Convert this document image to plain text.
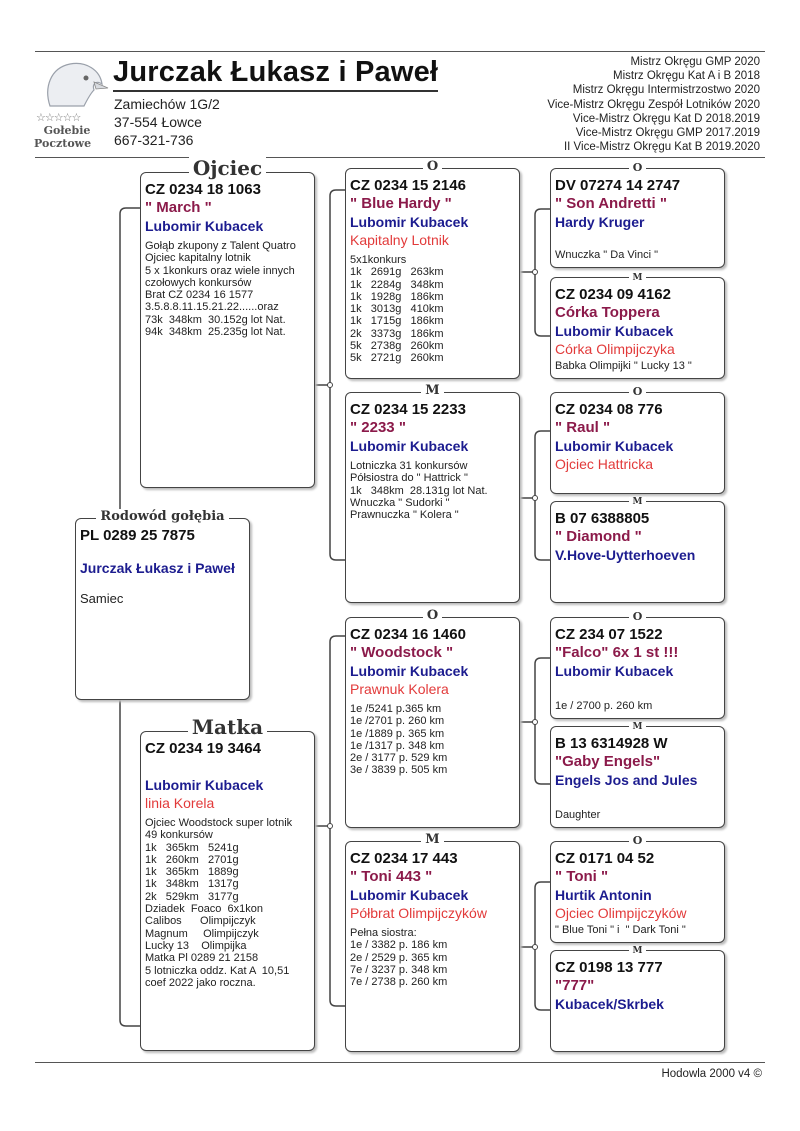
☆☆☆☆☆
Gołebie
Pocztowe
Jurczak Łukasz i Paweł
Zamiechów 1G/2
37-554 Łowce
667-321-736
Mistrz Okręgu GMP 2020
Mistrz Okręgu Kat A i B 2018
Mistrz Okręgu Intermistrzostwo 2020
Vice-Mistrz Okręgu Zespół Lotników 2020
Vice-Mistrz Okręgu Kat D 2018.2019
Vice-Mistrz Okręgu GMP 2017.2019
II Vice-Mistrz Okręgu Kat B 2019.2020
Rodowód gołębia
PL 0289 25 7875
Jurczak Łukasz i Paweł
Samiec
Ojciec
CZ 0234 18 1063
" March "
Lubomir Kubacek
Gołąb zkupony z Talent Quatro
Ojciec kapitalny lotnik
5 x 1konkurs oraz wiele innych
czołowych konkursów
Brat CZ 0234 16 1577
3.5.8.8.11.15.21.22......oraz
73k  348km  30.152g lot Nat.
94k  348km  25.235g lot Nat.
Matka
CZ 0234 19 3464
Lubomir Kubacek
linia Korela
Ojciec Woodstock super lotnik
49 konkursów
1k   365km   5241g
1k   260km   2701g
1k   365km   1889g
1k   348km   1317g
2k   529km   3177g
Dziadek  Foaco  6x1kon
Calibos      Olimpijczyk
Magnum     Olimpijczyk
Lucky 13    Olimpijka
Matka Pl 0289 21 2158
5 lotniczka oddz. Kat A  10,51
coef 2022 jako roczna.
O
CZ 0234 15 2146
" Blue Hardy "
Lubomir Kubacek
Kapitalny Lotnik
5x1konkurs
1k   2691g   263km
1k   2284g   348km
1k   1928g   186km
1k   3013g   410km
1k   1715g   186km
2k   3373g   186km
5k   2738g   260km
5k   2721g   260km
M
CZ 0234 15 2233
" 2233 "
Lubomir Kubacek
Lotniczka 31 konkursów
Półsiostra do " Hattrick "
1k   348km  28.131g lot Nat.
Wnuczka " Sudorki "
Prawnuczka " Kolera "
O
CZ 0234 16 1460
" Woodstock "
Lubomir Kubacek
Prawnuk Kolera
1e /5241 p.365 km
1e /2701 p. 260 km
1e /1889 p. 365 km
1e /1317 p. 348 km
2e / 3177 p. 529 km
3e / 3839 p. 505 km
M
CZ 0234 17 443
" Toni 443 "
Lubomir Kubacek
Półbrat Olimpijczyków
Pełna siostra:
1e / 3382 p. 186 km
2e / 2529 p. 365 km
7e / 3237 p. 348 km
7e / 2738 p. 260 km
O
DV 07274 14 2747
" Son Andretti "
Hardy Kruger
Wnuczka " Da Vinci "
M
CZ 0234 09 4162
Córka Toppera
Lubomir Kubacek
Córka Olimpijczyka
Babka Olimpijki " Lucky 13 "
O
CZ 0234 08 776
" Raul "
Lubomir Kubacek
Ojciec Hattricka
M
B 07 6388805
" Diamond "
V.Hove-Uytterhoeven
O
CZ 234 07 1522
"Falco" 6x 1 st !!!
Lubomir Kubacek
1e / 2700 p. 260 km
M
B 13 6314928 W
"Gaby Engels"
Engels Jos and Jules
Daughter
O
CZ 0171 04 52
" Toni "
Hurtik Antonin
Ojciec Olimpijczyków
" Blue Toni " i  " Dark Toni "
M
CZ 0198 13 777
"777"
Kubacek/Skrbek
Hodowla 2000 v4 ©
